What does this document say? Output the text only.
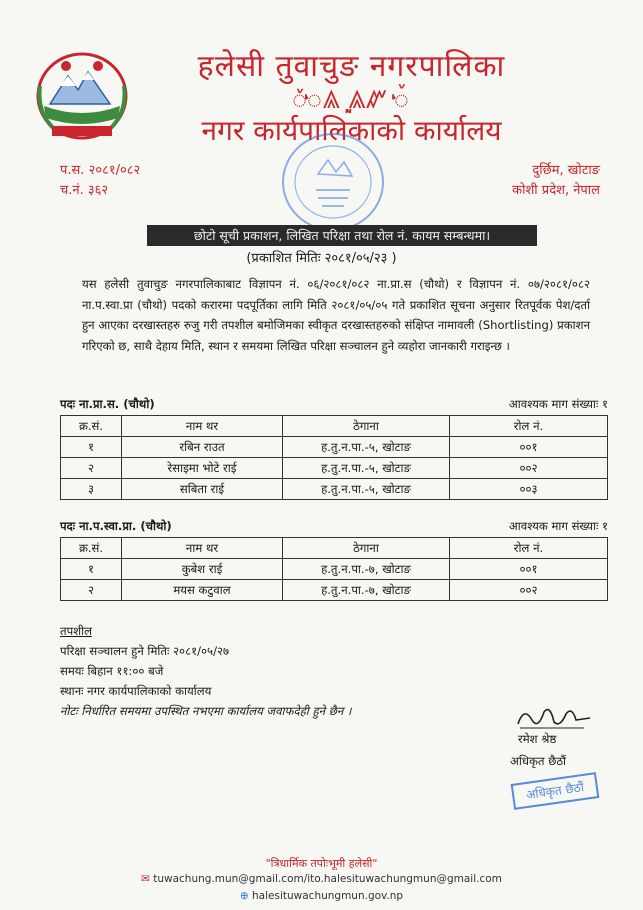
हलेसी तुवाचुङ नगरपालिका
ꥑꥇꥉꥃ ꥍꥌꥃꥅ ꥑꥇꥉ
नगर कार्यपालिकाको कार्यालय
प.स. २०८१/०८२
च.नं. ३६२
दुर्छिम, खोटाङ
कोशी प्रदेश, नेपाल
छोटो सूची प्रकाशन, लिखित परिक्षा तथा रोल नं. कायम सम्बन्धमा।
(प्रकाशित मितिः २०८१/०५/२३ )
यस हलेसी तुवाचुङ नगरपालिकाबाट विज्ञापन नं. ०६/२०८१/०८२ ना.प्रा.स (चौथो) र विज्ञापन नं. ०७/२०८१/०८२ ना.प.स्वा.प्रा (चौथो) पदको करारमा पदपूर्तिका लागि मिति २०८१/०५/०५ गते प्रकाशित सूचना अनुसार रितपूर्वक पेश/दर्ता हुन आएका दरखास्तहरु रुजु गरी तपशील बमोजिमका स्वीकृत दरखास्तहरुको संक्षिप्त नामावली (Shortlisting) प्रकाशन गरिएको छ, साथै देहाय मिति, स्थान र समयमा लिखित परिक्षा सञ्चालन हुने व्यहोरा जानकारी गराइन्छ ।
पदः ना.प्रा.स. (चौथो)	आवश्यक माग संख्याः १
क्र.सं.	नाम थर	ठेगाना	रोल नं.
१	रबिन राउत	ह.तु.न.पा.-५, खोटाङ	००१
२	रेसाइमा भोटे राई	ह.तु.न.पा.-५, खोटाङ	००२
३	सबिता राई	ह.तु.न.पा.-५, खोटाङ	००३
पदः ना.प.स्वा.प्रा. (चौथो)	आवश्यक माग संख्याः १
क्र.सं.	नाम थर	ठेगाना	रोल नं.
१	कुबेश राई	ह.तु.न.पा.-७, खोटाङ	००१
२	मयस कटुवाल	ह.तु.न.पा.-७, खोटाङ	००२
तपशील
परिक्षा सञ्चालन हुने मितिः २०८१/०५/२७
समयः बिहान ११:०० बजे
स्थानः नगर कार्यपालिकाको कार्यालय
नोटः निर्धारित समयमा उपस्थित नभएमा कार्यालय जवाफदेही हुने छैन ।
रमेश श्रेष्ठ
अधिकृत छैठौं
अधिकृत छैठौं
"त्रिधार्मिक तपोःभूमी हलेसी"
✉ tuwachung.mun@gmail.com/ito.halesituwachungmun@gmail.com
⊕ halesituwachungmun.gov.np
